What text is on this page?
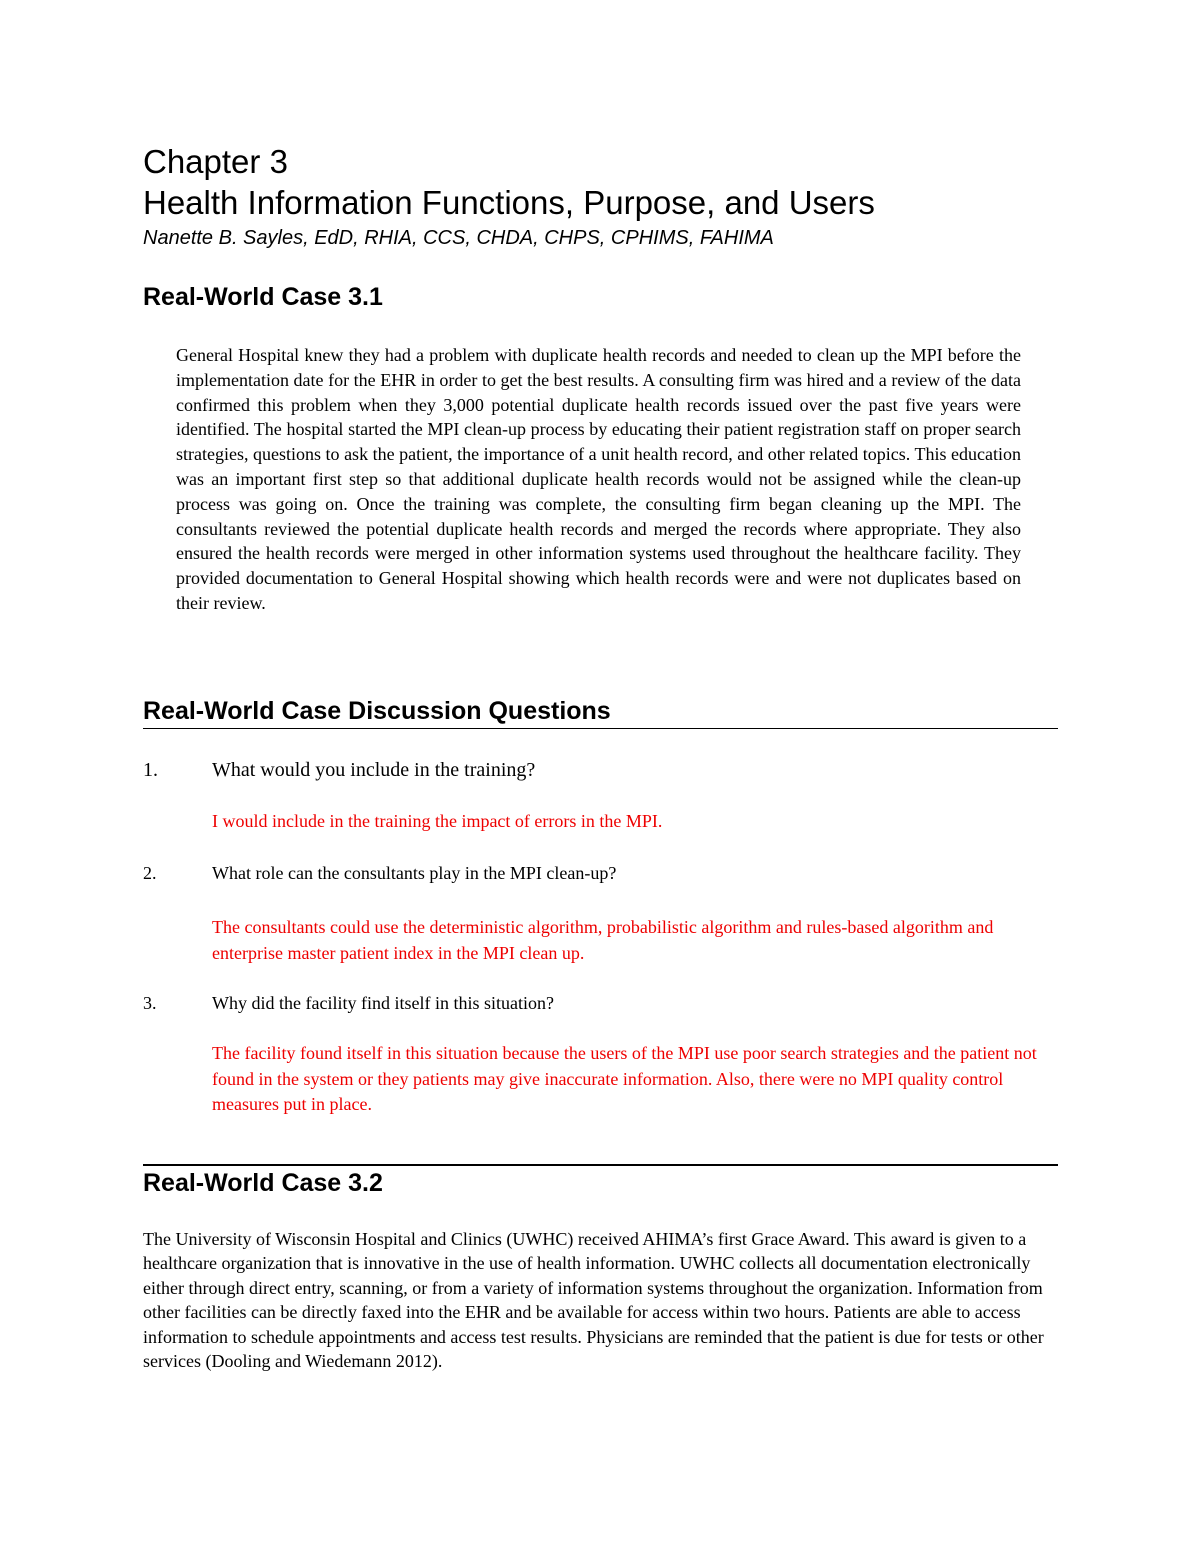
Chapter 3
Health Information Functions, Purpose, and Users
Nanette B. Sayles, EdD, RHIA, CCS, CHDA, CHPS, CPHIMS, FAHIMA
Real-World Case 3.1

General Hospital knew they had a problem with duplicate health records and needed to clean up the MPI before the implementation date for the EHR in order to get the best results. A consulting firm was hired and a review of the data confirmed this problem when they 3,000 potential duplicate health records issued over the past five years were identified. The hospital started the MPI clean-up process by educating their patient registration staff on proper search strategies, questions to ask the patient, the importance of a unit health record, and other related topics. This education was an important first step so that additional duplicate health records would not be assigned while the clean-up process was going on. Once the training was complete, the consulting firm began cleaning up the MPI. The consultants reviewed the potential duplicate health records and merged the records where appropriate. They also ensured the health records were merged in other information systems used throughout the healthcare facility. They provided documentation to General Hospital showing which health records were and were not duplicates based on their review.

Real-World Case Discussion Questions
1.	What would you include in the training?

I would include in the training the impact of errors in the MPI.

2.	What role can the consultants play in the MPI clean-up?

The consultants could use the deterministic algorithm, probabilistic algorithm and rules-based algorithm and enterprise master patient index in the MPI clean up.

3.	Why did the facility find itself in this situation?

The facility found itself in this situation because the users of the MPI use poor search strategies and the patient not found in the system or they patients may give inaccurate information. Also, there were no MPI quality control measures put in place.

Real-World Case 3.2

The University of Wisconsin Hospital and Clinics (UWHC) received AHIMA’s first Grace Award. This award is given to a healthcare organization that is innovative in the use of health information. UWHC collects all documentation electronically either through direct entry, scanning, or from a variety of information systems throughout the organization. Information from other facilities can be directly faxed into the EHR and be available for access within two hours. Patients are able to access information to schedule appointments and access test results. Physicians are reminded that the patient is due for tests or other services (Dooling and Wiedemann 2012).
